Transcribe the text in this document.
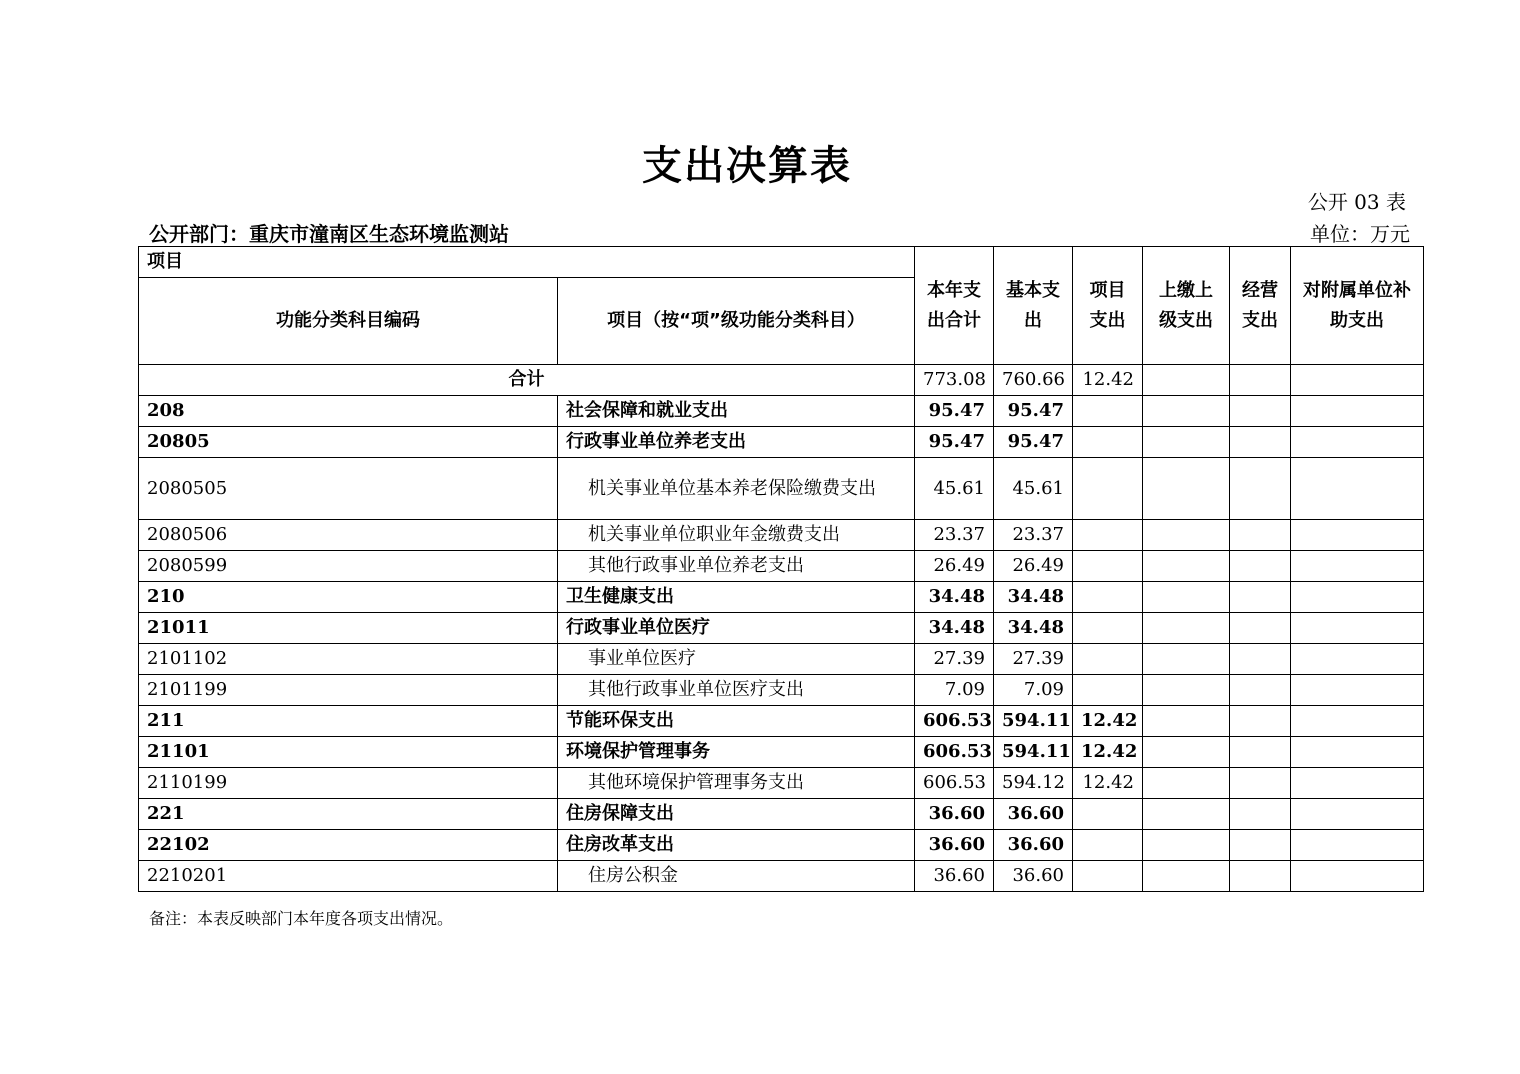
支出决算表
公开 03 表
公开部门：重庆市潼南区生态环境监测站	单位：万元
项目		本年支出合计	基本支出	项目支出	上缴上级支出	经营支出	对附属单位补助支出
功能分类科目编码	项目（按“项”级功能分类科目）						
合计		773.08	760.66	12.42			
208	社会保障和就业支出	95.47	95.47				
20805	行政事业单位养老支出	95.47	95.47				
2080505	机关事业单位基本养老保险缴费支出	45.61	45.61				
2080506	机关事业单位职业年金缴费支出	23.37	23.37				
2080599	其他行政事业单位养老支出	26.49	26.49				
210	卫生健康支出	34.48	34.48				
21011	行政事业单位医疗	34.48	34.48				
2101102	事业单位医疗	27.39	27.39				
2101199	其他行政事业单位医疗支出	7.09	7.09				
211	节能环保支出	606.53	594.11	12.42			
21101	环境保护管理事务	606.53	594.11	12.42			
2110199	其他环境保护管理事务支出	606.53	594.12	12.42			
221	住房保障支出	36.60	36.60				
22102	住房改革支出	36.60	36.60				
2210201	住房公积金	36.60	36.60				
备注：本表反映部门本年度各项支出情况。
